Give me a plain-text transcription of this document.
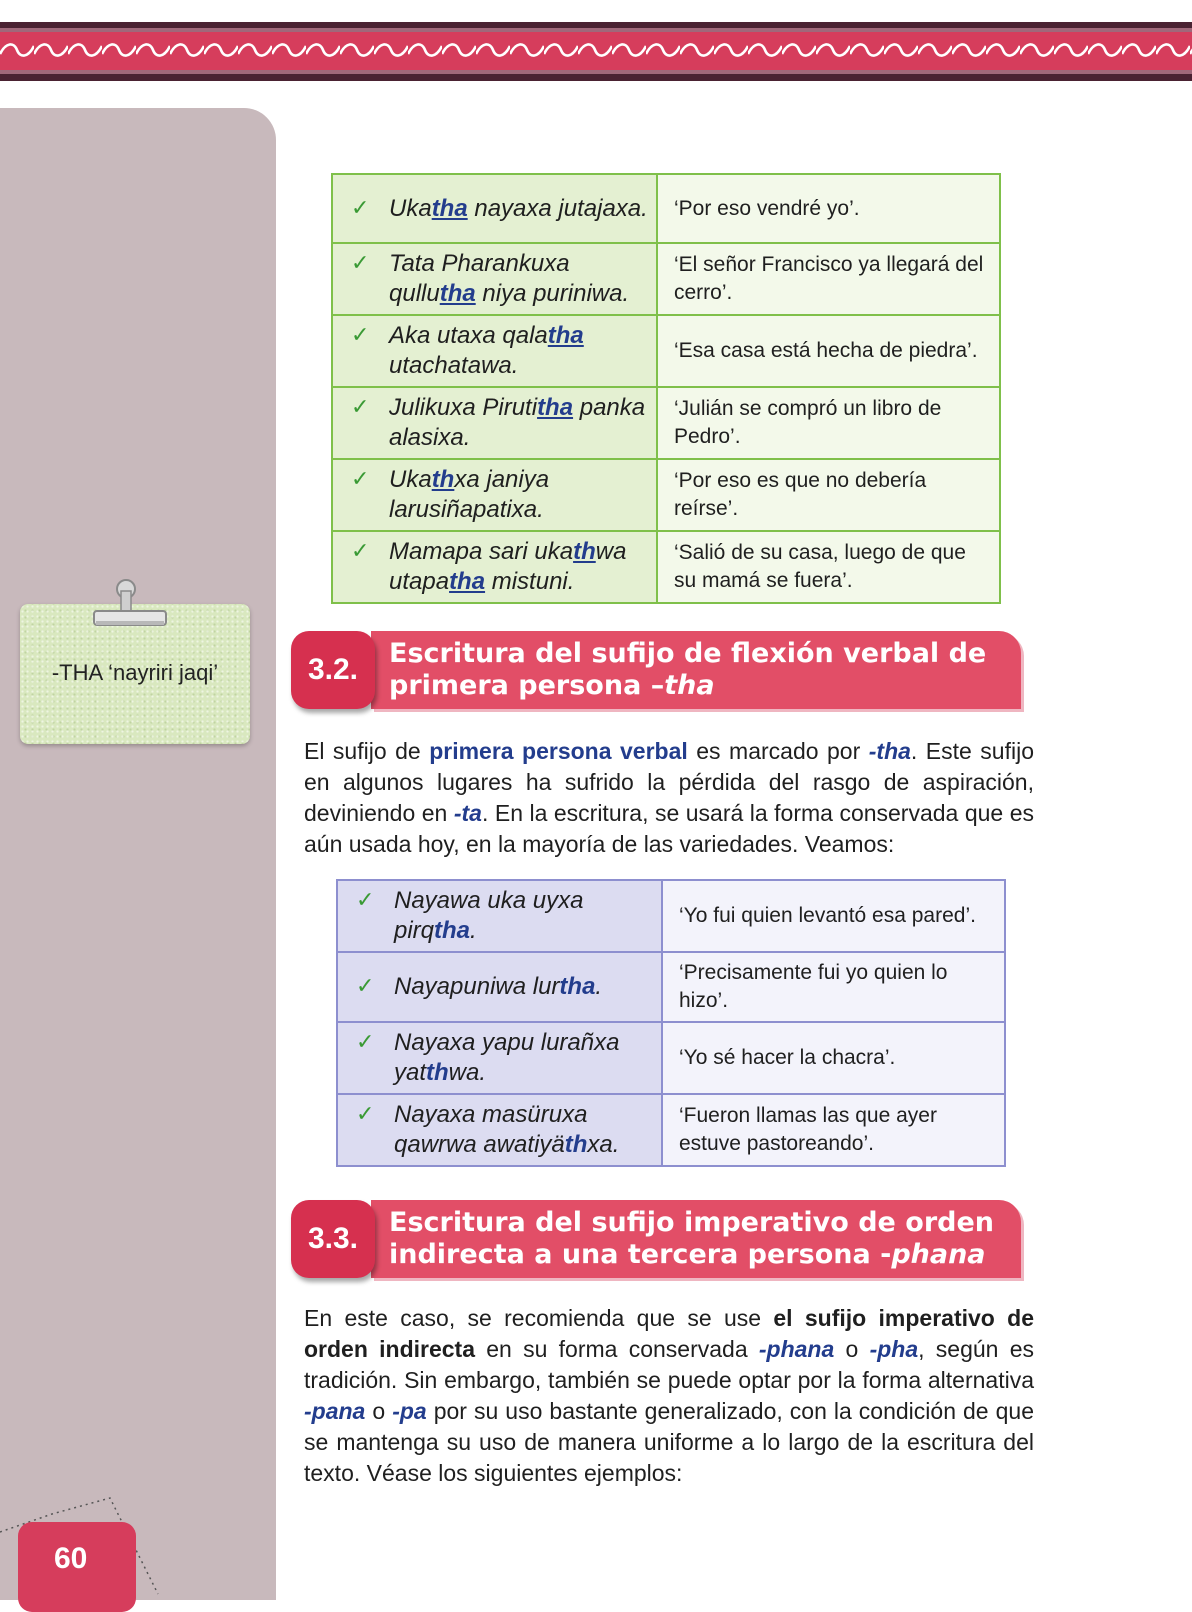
-THA ‘nayriri jaqi’
60
✓ Ukatha nayaxa jutajaxa.	‘Por eso vendré yo’.

✓ Tata Pharankuxa qullutha niya puriniwa.	‘El señor Francisco ya llegará del cerro’.

✓ Aka utaxa qalatha utachatawa.	‘Esa casa está hecha de piedra’.

✓ Julikuxa Pirutitha panka alasixa.	‘Julián se compró un libro de Pedro’.

✓ Ukathxa janiya larusiñapatixa.	‘Por eso es que no debería reírse’.

✓ Mamapa sari ukathwa utapatha mistuni.	‘Salió de su casa, luego de que su mamá se fuera’.
3.2.	Escritura del sufijo de flexión verbal de primera persona –tha
El sufijo de primera persona verbal es marcado por -tha. Este sufijo en algunos lugares ha sufrido la pérdida del rasgo de aspiración, deviniendo en -ta. En la escritura, se usará la forma conservada que es aún usada hoy, en la mayoría de las variedades. Veamos:
✓ Nayawa uka uyxa pirqtha.	‘Yo fui quien levantó esa pared’.

✓ Nayapuniwa lurtha.	‘Precisamente fui yo quien lo hizo’.

✓ Nayaxa yapu lurañxa yatthwa.	‘Yo sé hacer la chacra’.

✓ Nayaxa masüruxa qawrwa awatiyäthxa.	‘Fueron llamas las que ayer estuve pastoreando’.
3.3.	Escritura del sufijo imperativo de orden indirecta a una tercera persona -phana
En este caso, se recomienda que se use el sufijo imperativo de orden indirecta en su forma conservada -phana o -pha, según es tradición. Sin embargo, también se puede optar por la forma alternativa -pana o -pa por su uso bastante generalizado, con la condición de que se mantenga su uso de manera uniforme a lo largo de la escritura del texto. Véase los siguientes ejemplos:
